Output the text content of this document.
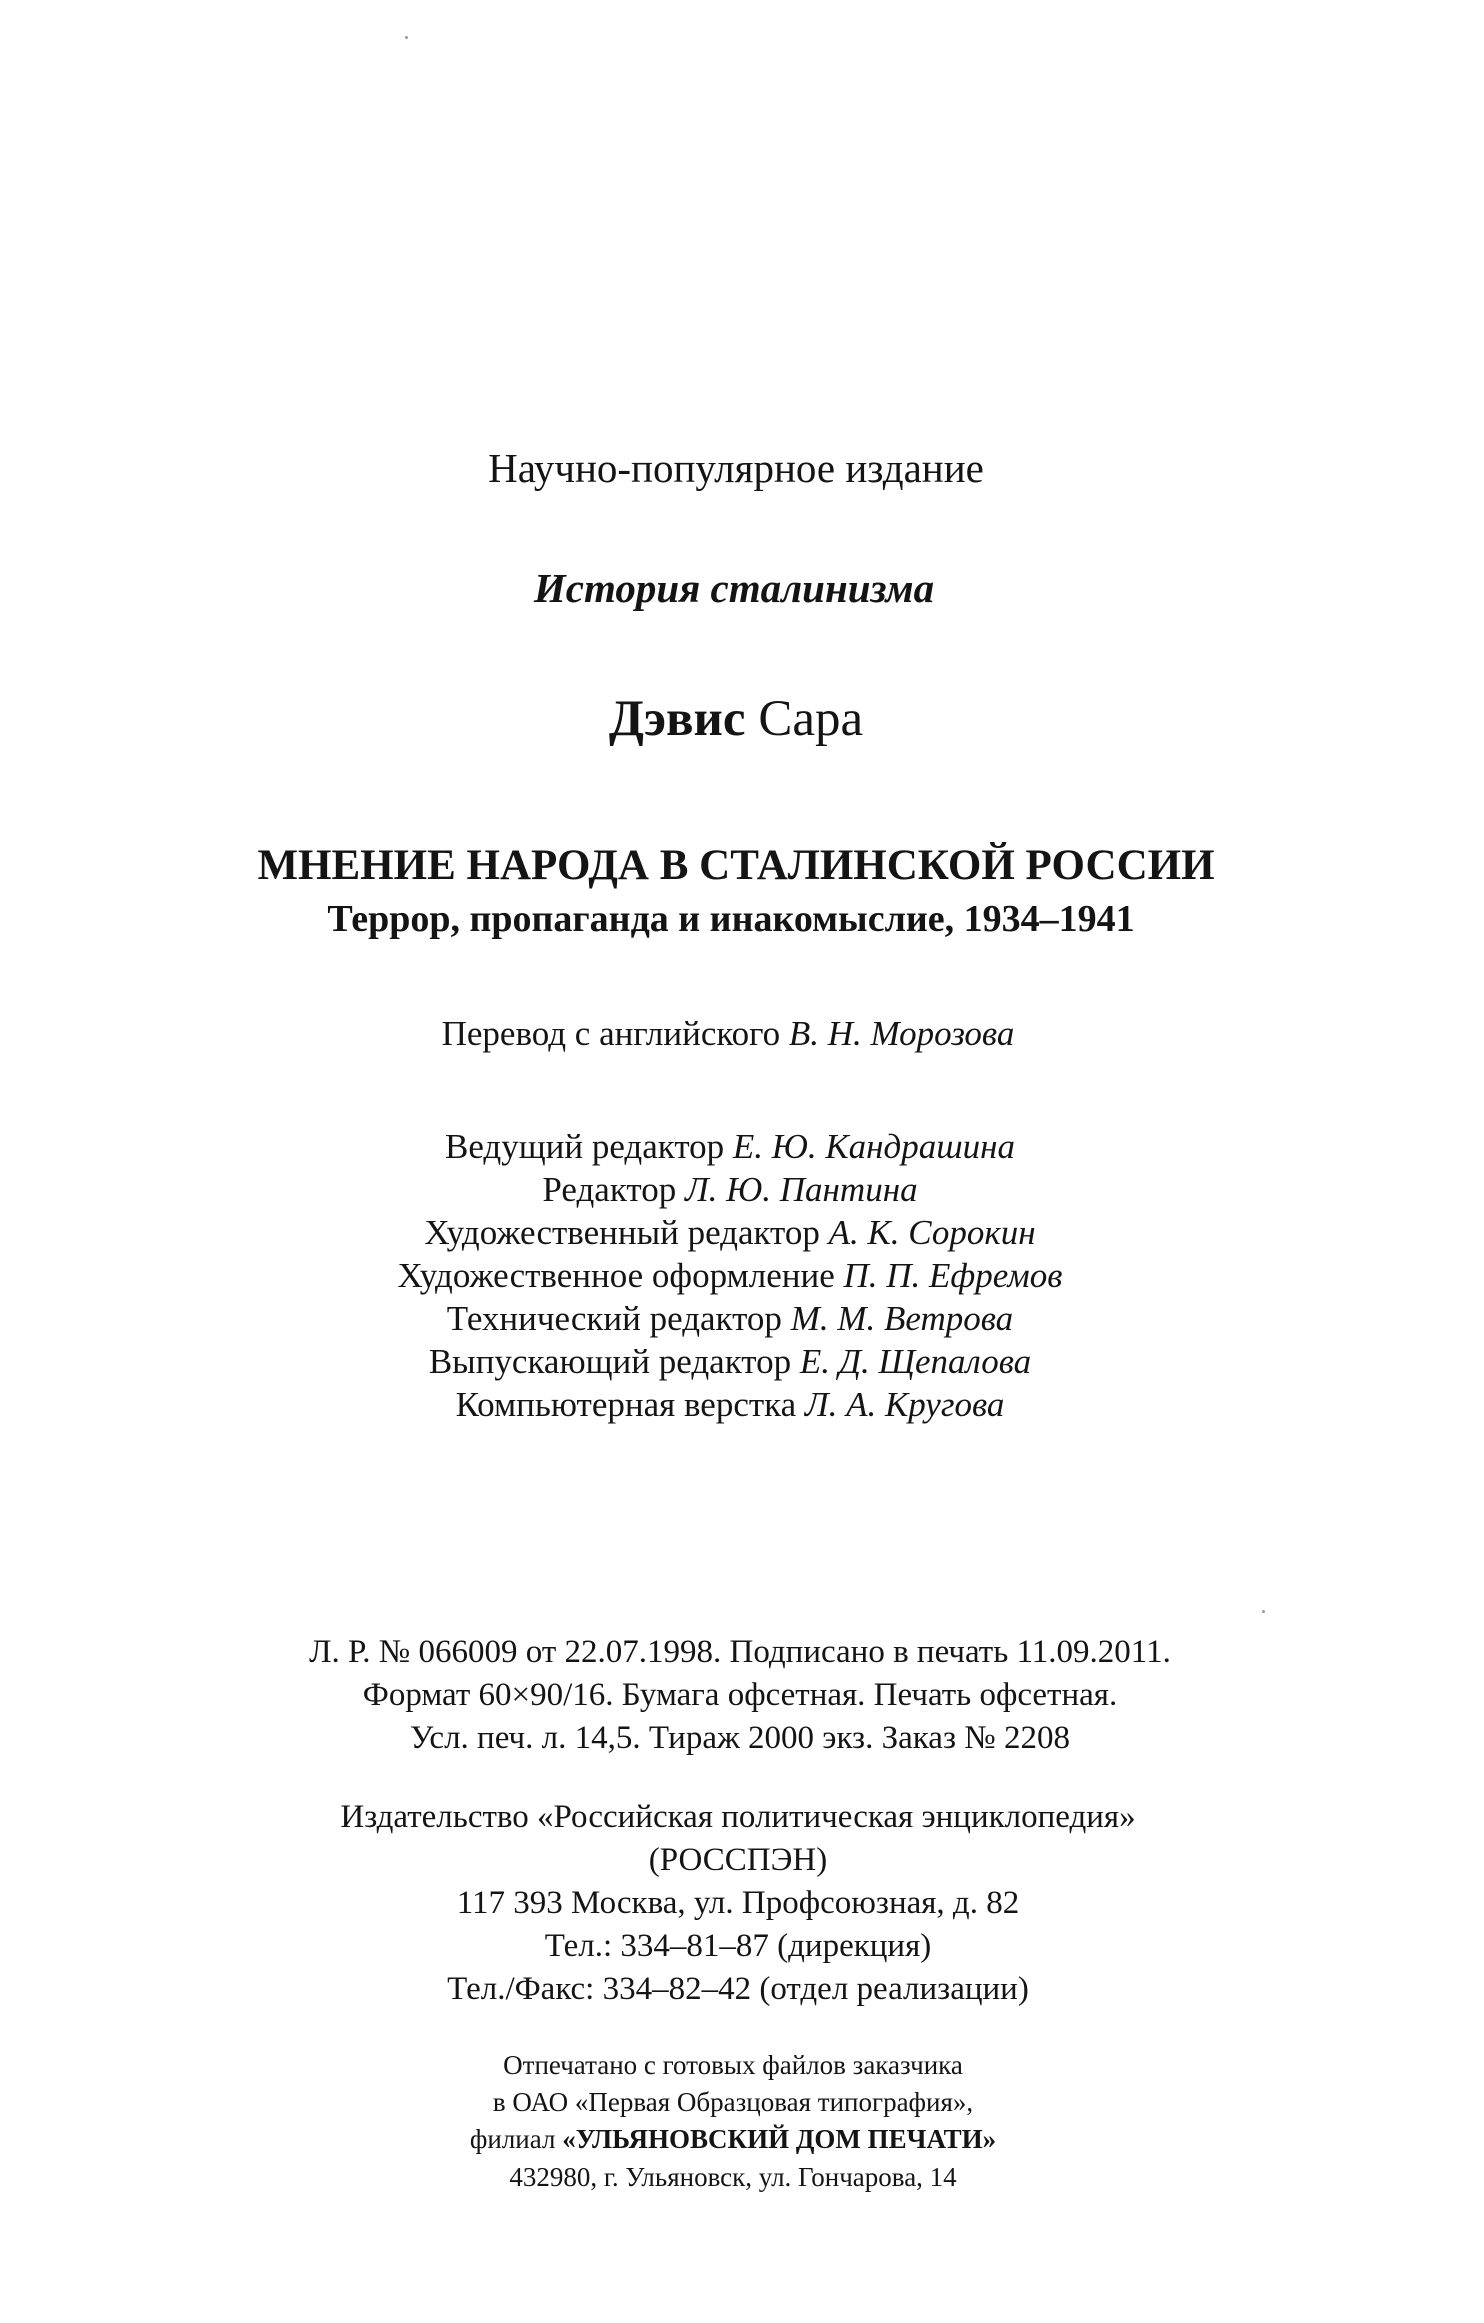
Научно-популярное издание
История сталинизма
Дэвис Сара
МНЕНИЕ НАРОДА В СТАЛИНСКОЙ РОССИИ
Террор, пропаганда и инакомыслие, 1934–1941
Перевод с английского В. Н. Морозова
Ведущий редактор Е. Ю. Кандрашина
Редактор Л. Ю. Пантина
Художественный редактор А. К. Сорокин
Художественное оформление П. П. Ефремов
Технический редактор М. М. Ветрова
Выпускающий редактор Е. Д. Щепалова
Компьютерная верстка Л. А. Кругова
Л. Р. № 066009 от 22.07.1998. Подписано в печать 11.09.2011.
Формат 60×90/16. Бумага офсетная. Печать офсетная.
Усл. печ. л. 14,5. Тираж 2000 экз. Заказ № 2208
Издательство «Российская политическая энциклопедия»
(РОССПЭН)
117 393 Москва, ул. Профсоюзная, д. 82
Тел.: 334–81–87 (дирекция)
Тел./Факс: 334–82–42 (отдел реализации)
Отпечатано с готовых файлов заказчика
в ОАО «Первая Образцовая типография»,
филиал «УЛЬЯНОВСКИЙ ДОМ ПЕЧАТИ»
432980, г. Ульяновск, ул. Гончарова, 14
